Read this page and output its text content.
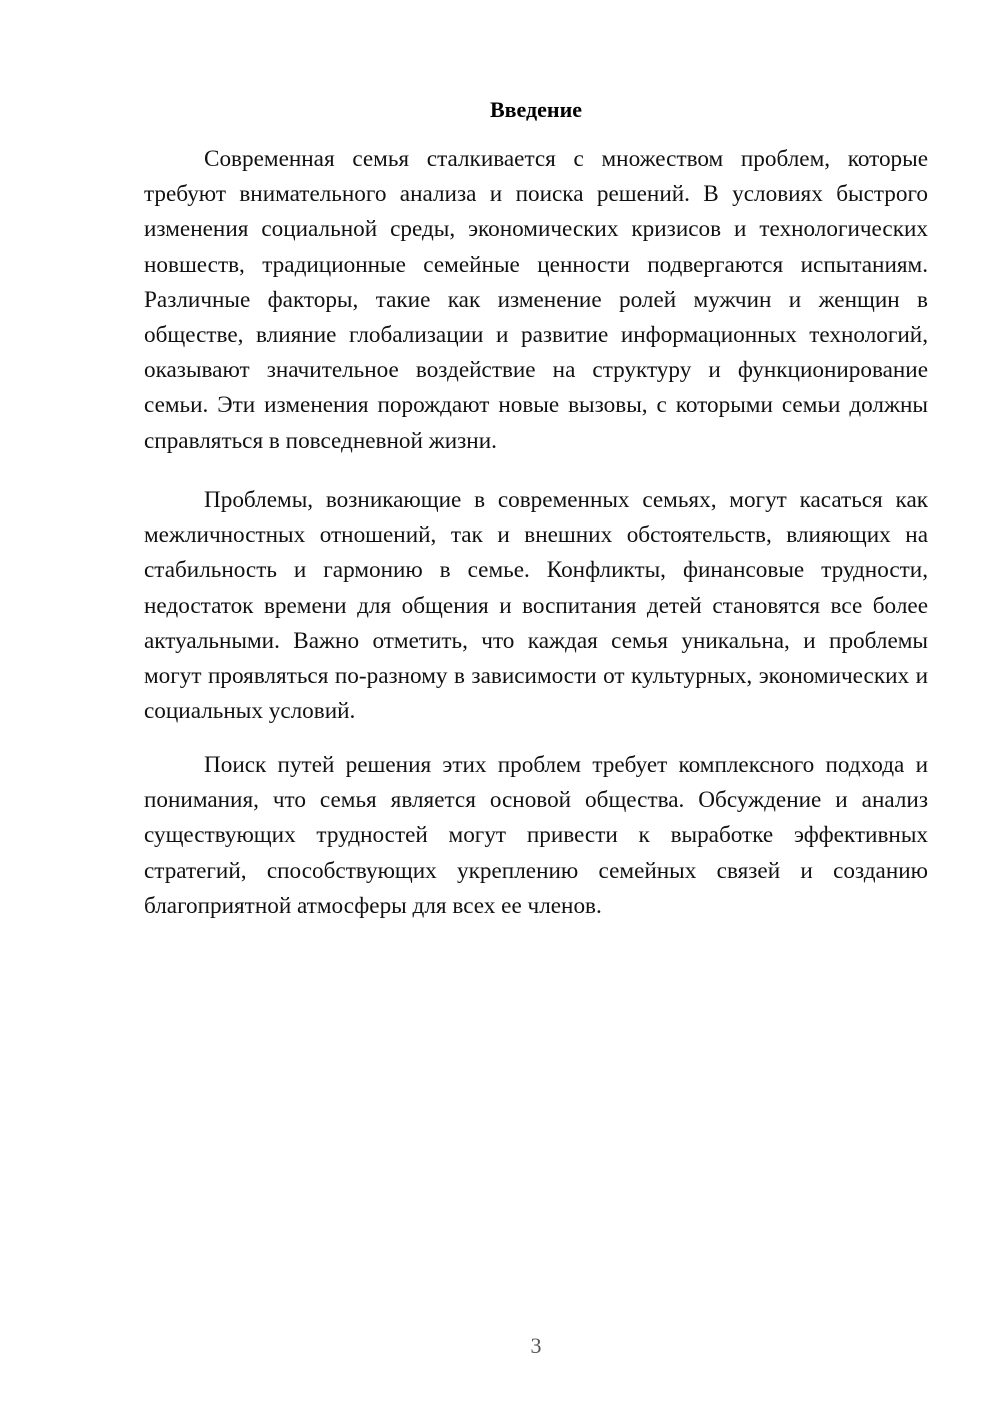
Введение

Современная семья сталкивается с множеством проблем, которые требуют внимательного анализа и поиска решений. В условиях быстрого изменения социальной среды, экономических кризисов и технологических новшеств, традиционные семейные ценности подвергаются испытаниям. Различные факторы, такие как изменение ролей мужчин и женщин в обществе, влияние глобализации и развитие информационных технологий, оказывают значительное воздействие на структуру и функционирование семьи. Эти изменения порождают новые вызовы, с которыми семьи должны справляться в повседневной жизни.

Проблемы, возникающие в современных семьях, могут касаться как межличностных отношений, так и внешних обстоятельств, влияющих на стабильность и гармонию в семье. Конфликты, финансовые трудности, недостаток времени для общения и воспитания детей становятся все более актуальными. Важно отметить, что каждая семья уникальна, и проблемы могут проявляться по-разному в зависимости от культурных, экономических и социальных условий.

Поиск путей решения этих проблем требует комплексного подхода и понимания, что семья является основой общества. Обсуждение и анализ существующих трудностей могут привести к выработке эффективных стратегий, способствующих укреплению семейных связей и созданию благоприятной атмосферы для всех ее членов.

3
